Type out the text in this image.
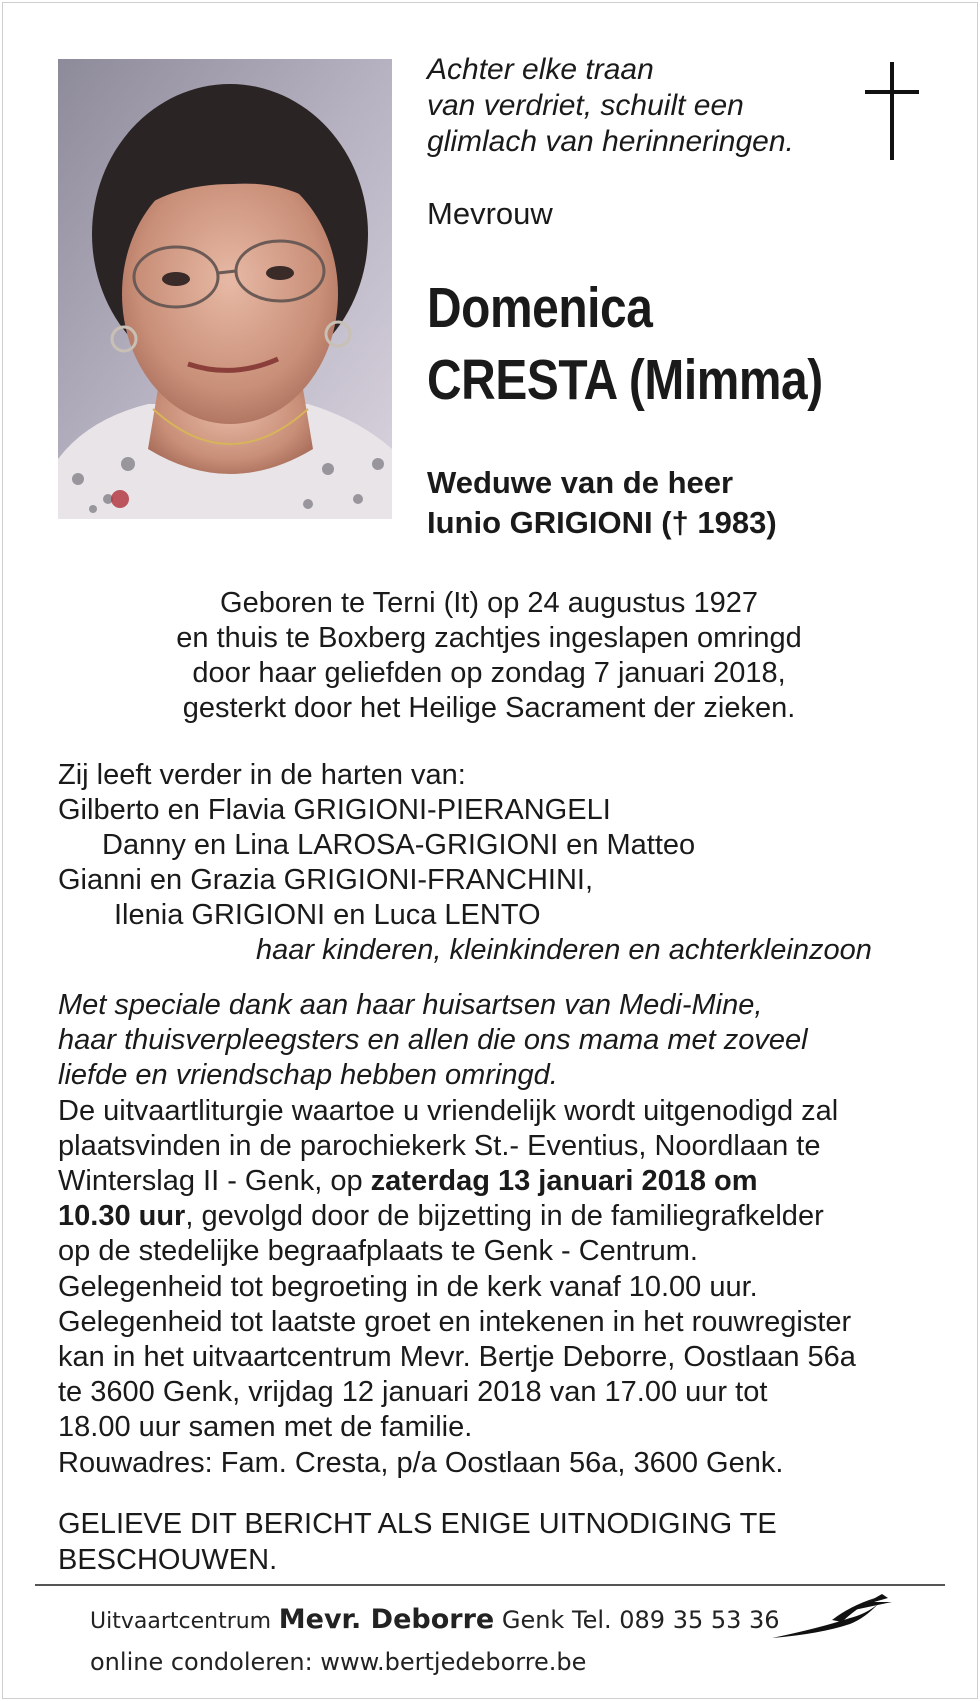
Achter elke traan
van verdriet, schuilt een
glimlach van herinneringen.
Mevrouw
Domenica
CRESTA (Mimma)
Weduwe van de heer
Iunio GRIGIONI († 1983)
Geboren te Terni (It) op 24 augustus 1927
en thuis te Boxberg zachtjes ingeslapen omringd
door haar geliefden op zondag 7 januari 2018,
gesterkt door het Heilige Sacrament der zieken.
Zij leeft verder in de harten van:
Gilberto en Flavia GRIGIONI-PIERANGELI
Danny en Lina LAROSA-GRIGIONI en Matteo
Gianni en Grazia GRIGIONI-FRANCHINI,
Ilenia GRIGIONI en Luca LENTO
haar kinderen, kleinkinderen en achterkleinzoon
Met speciale dank aan haar huisartsen van Medi-Mine,
haar thuisverpleegsters en allen die ons mama met zoveel
liefde en vriendschap hebben omringd.
De uitvaartliturgie waartoe u vriendelijk wordt uitgenodigd zal
plaatsvinden in de parochiekerk St.- Eventius, Noordlaan te
Winterslag II - Genk, op zaterdag 13 januari 2018 om
10.30 uur, gevolgd door de bijzetting in de familiegrafkelder
op de stedelijke begraafplaats te Genk - Centrum.
Gelegenheid tot begroeting in de kerk vanaf 10.00 uur.
Gelegenheid tot laatste groet en intekenen in het rouwregister
kan in het uitvaartcentrum Mevr. Bertje Deborre, Oostlaan 56a
te 3600 Genk, vrijdag 12 januari 2018 van 17.00 uur tot
18.00 uur samen met de familie.
Rouwadres: Fam. Cresta, p/a Oostlaan 56a, 3600 Genk.
GELIEVE DIT BERICHT ALS ENIGE UITNODIGING TE
BESCHOUWEN.
Uitvaartcentrum Mevr. Deborre Genk Tel. 089 35 53 36
online condoleren: www.bertjedeborre.be
